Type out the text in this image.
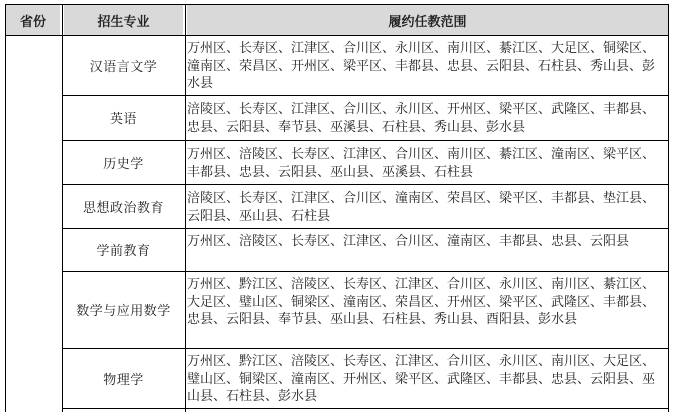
省份	招生专业	履约任教范围
汉语言文学
万州区、长寿区、江津区、合川区、永川区、南川区、綦江区、大足区、铜梁区、潼南区、荣昌区、开州区、梁平区、丰都县、忠县、云阳县、石柱县、秀山县、彭水县
英语
涪陵区、长寿区、江津区、合川区、永川区、开州区、梁平区、武隆区、丰都县、忠县、云阳县、奉节县、巫溪县、石柱县、秀山县、彭水县
历史学
万州区、涪陵区、长寿区、江津区、合川区、南川区、綦江区、潼南区、梁平区、丰都县、忠县、云阳县、巫山县、巫溪县、石柱县
思想政治教育
涪陵区、长寿区、江津区、合川区、潼南区、荣昌区、梁平区、丰都县、垫江县、云阳县、巫山县、石柱县
学前教育
万州区、涪陵区、长寿区、江津区、合川区、潼南区、丰都县、忠县、云阳县
数学与应用数学
万州区、黔江区、涪陵区、长寿区、江津区、合川区、永川区、南川区、綦江区、大足区、璧山区、铜梁区、潼南区、荣昌区、开州区、梁平区、武隆区、丰都县、忠县、云阳县、奉节县、巫山县、石柱县、秀山县、酉阳县、彭水县
物理学
万州区、黔江区、涪陵区、长寿区、江津区、合川区、永川区、南川区、大足区、璧山区、铜梁区、潼南区、开州区、梁平区、武隆区、丰都县、忠县、云阳县、巫山县、石柱县、彭水县
